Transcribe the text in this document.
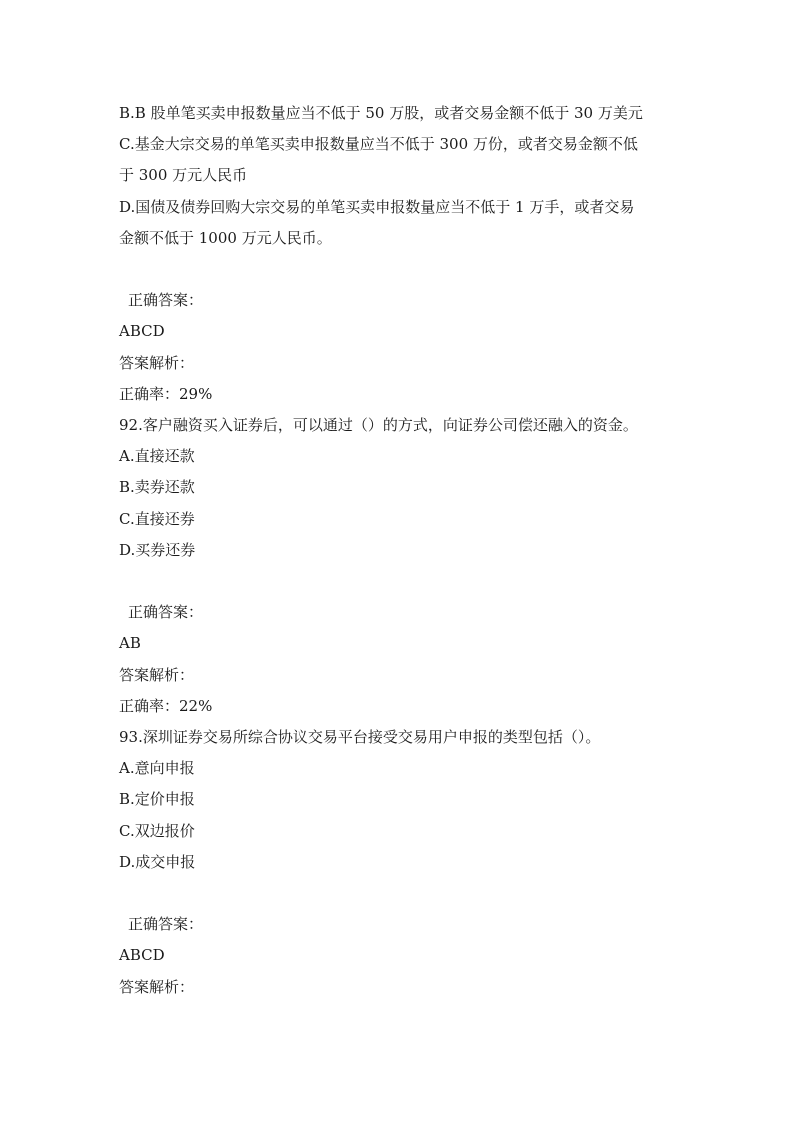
B.B 股单笔买卖申报数量应当不低于 50 万股，或者交易金额不低于 30 万美元
C.基金大宗交易的单笔买卖申报数量应当不低于 300 万份，或者交易金额不低
于 300 万元人民币
D.国债及债券回购大宗交易的单笔买卖申报数量应当不低于 1 万手，或者交易
金额不低于 1000 万元人民币。
正确答案：
ABCD
答案解析：
正确率：29%
92.客户融资买入证券后，可以通过（）的方式，向证券公司偿还融入的资金。
A.直接还款
B.卖券还款
C.直接还券
D.买券还券
正确答案：
AB
答案解析：
正确率：22%
93.深圳证券交易所综合协议交易平台接受交易用户申报的类型包括（）。
A.意向申报
B.定价申报
C.双边报价
D.成交申报
正确答案：
ABCD
答案解析：
